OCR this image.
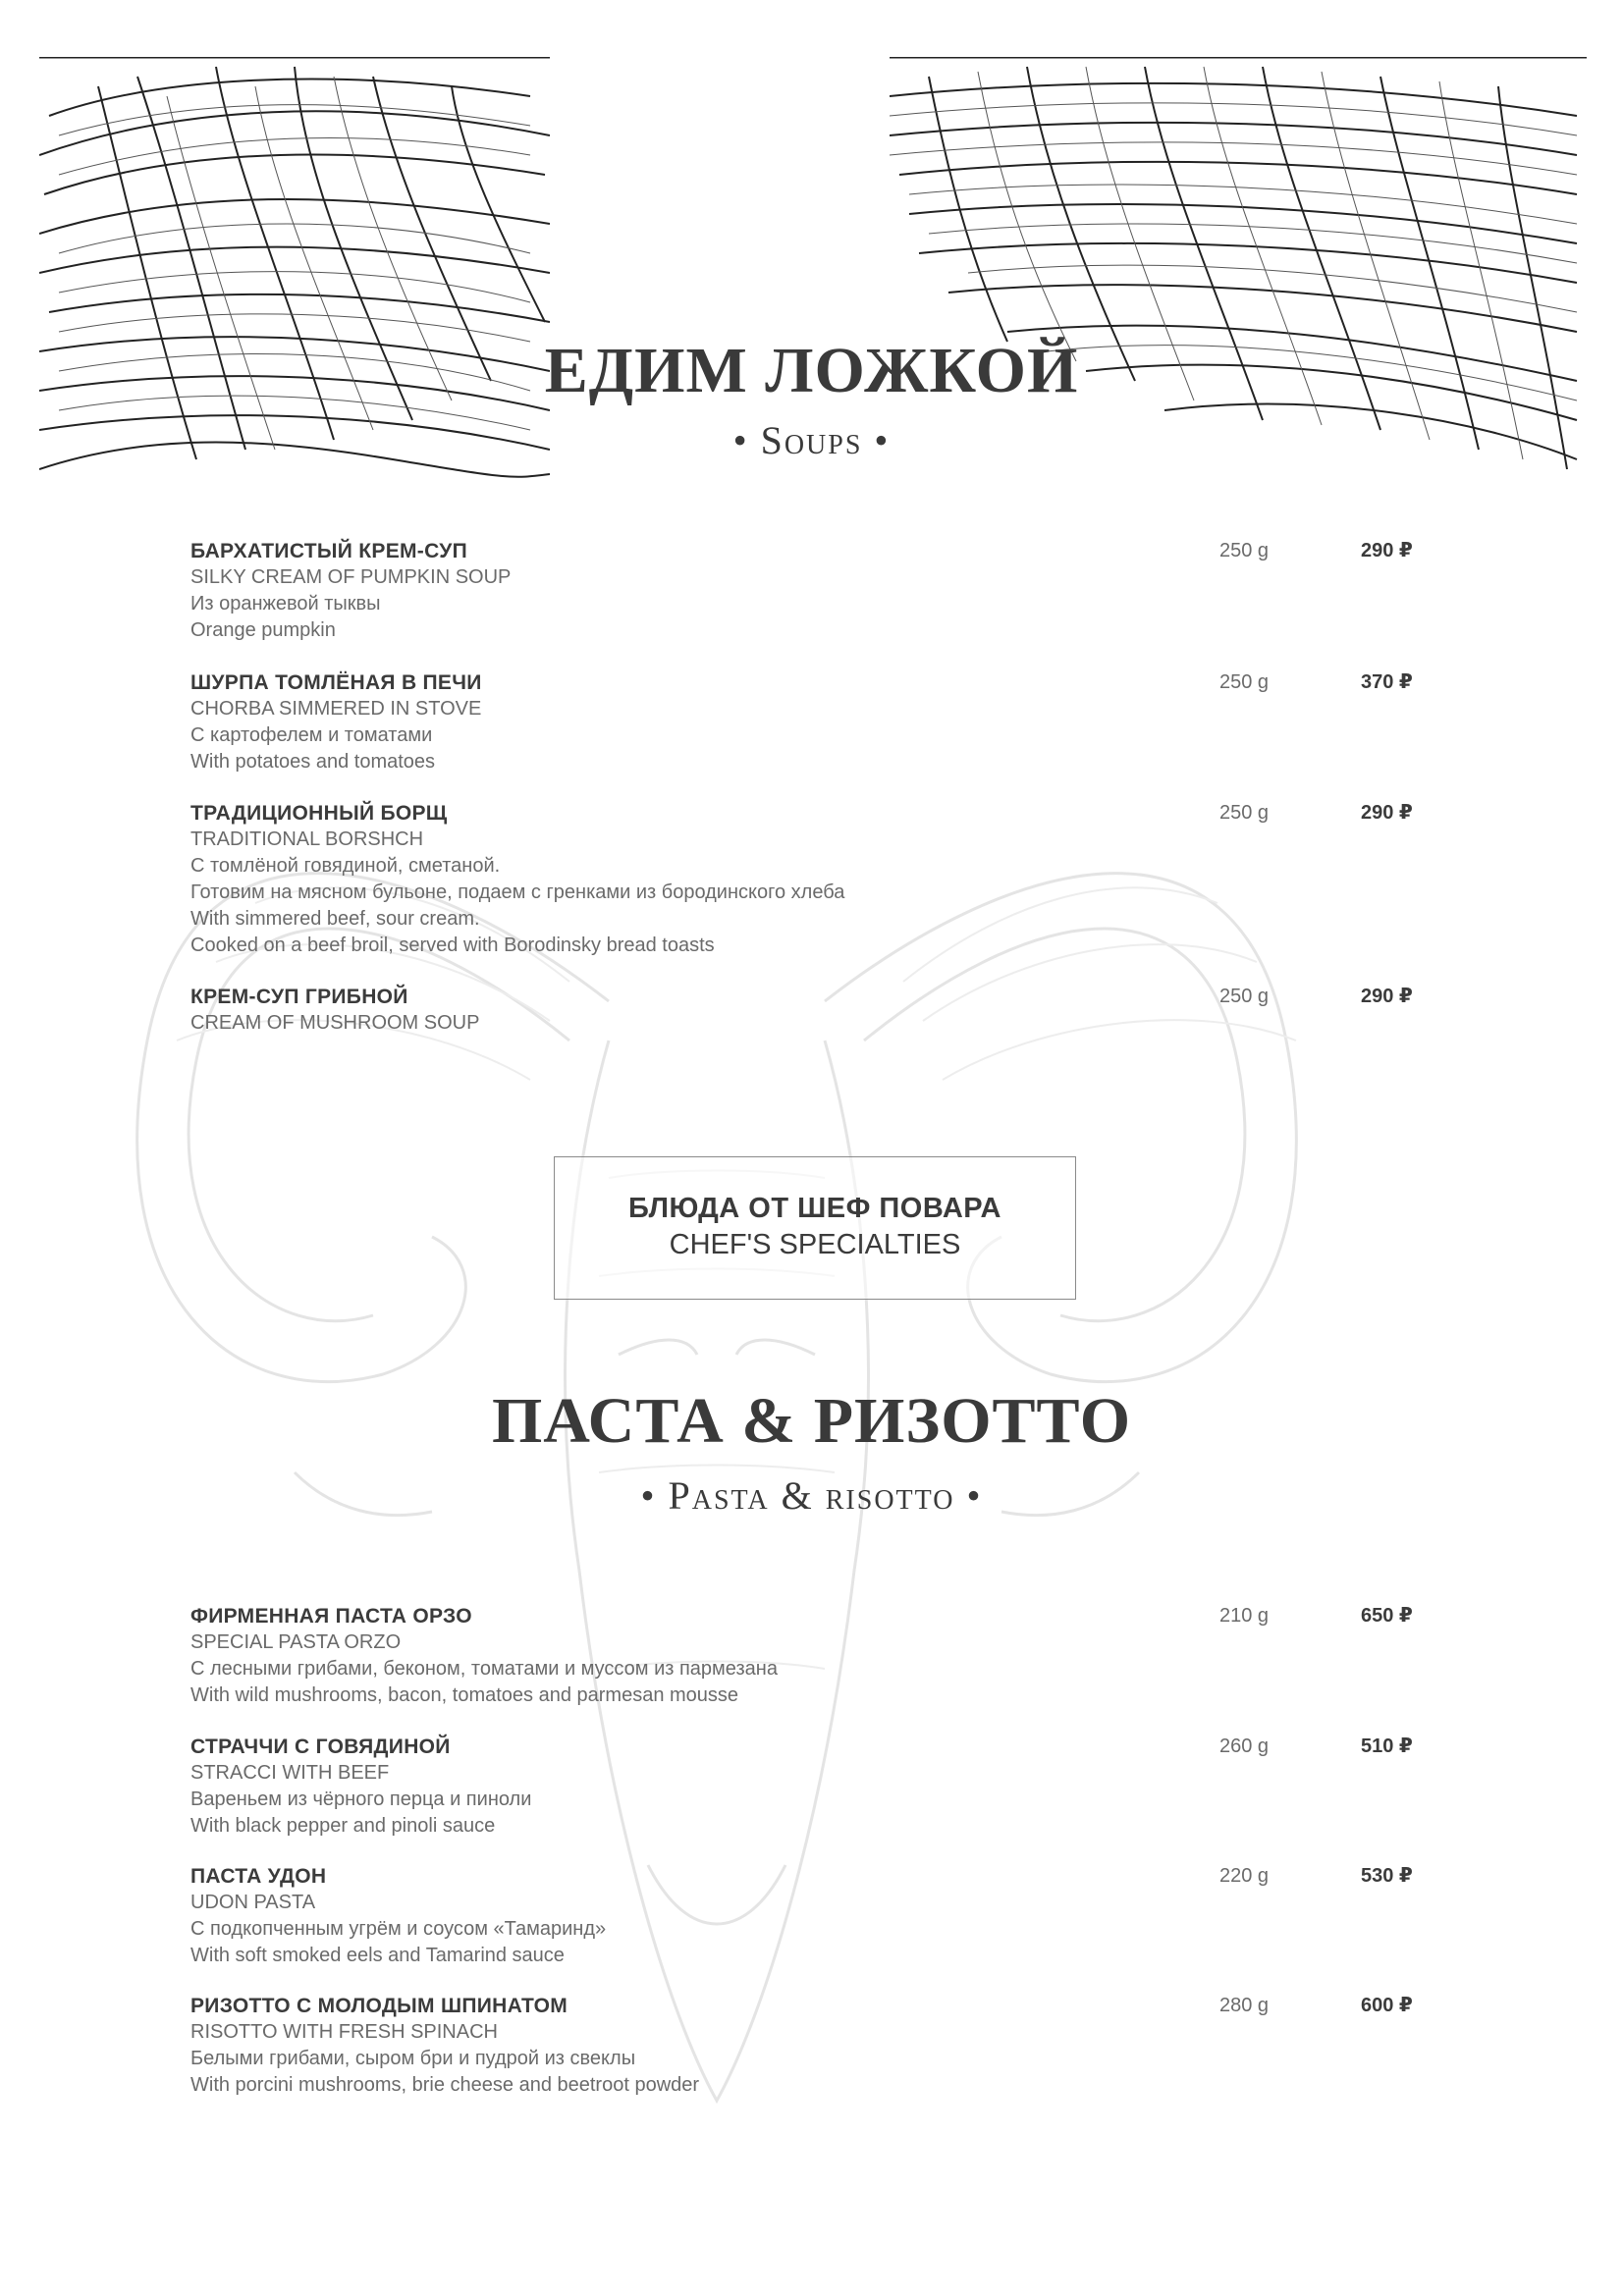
ЕДИМ ЛОЖКОЙ
• Soups •
БАРХАТИСТЫЙ КРЕМ-СУП
SILKY CREAM OF PUMPKIN SOUP
Из оранжевой тыквы
Orange pumpkin
250 g	290 ₽
ШУРПА ТОМЛЁНАЯ В ПЕЧИ
CHORBA SIMMERED IN STOVE
С картофелем и томатами
With potatoes and tomatoes
250 g	370 ₽
ТРАДИЦИОННЫЙ БОРЩ
TRADITIONAL BORSHCH
С томлёной говядиной, сметаной.
Готовим на мясном бульоне, подаем с гренками из бородинского хлеба
With simmered beef, sour cream.
Cooked on a beef broil, served with Borodinsky bread toasts
250 g	290 ₽
КРЕМ-СУП ГРИБНОЙ
CREAM OF MUSHROOM SOUP
250 g	290 ₽
БЛЮДА ОТ ШЕФ ПОВАРА
CHEF'S SPECIALTIES
ПАСТА & РИЗОТТО
• Pasta & risotto •
ФИРМЕННАЯ ПАСТА ОРЗО
SPECIAL PASTA ORZO
С лесными грибами, беконом, томатами и муссом из пармезана
With wild mushrooms, bacon, tomatoes and parmesan mousse
210 g	650 ₽
СТРАЧЧИ С ГОВЯДИНОЙ
STRACCI WITH BEEF
Вареньем из чёрного перца и пиноли
With black pepper and pinoli sauce
260 g	510 ₽
ПАСТА УДОН
UDON PASTA
С подкопченным угрём и соусом «Тамаринд»
With soft smoked eels and Tamarind sauce
220 g	530 ₽
РИЗОТТО С МОЛОДЫМ ШПИНАТОМ
RISOTTO WITH FRESH SPINACH
Белыми грибами, сыром бри и пудрой из свеклы
With porcini mushrooms, brie cheese and beetroot powder
280 g	600 ₽
